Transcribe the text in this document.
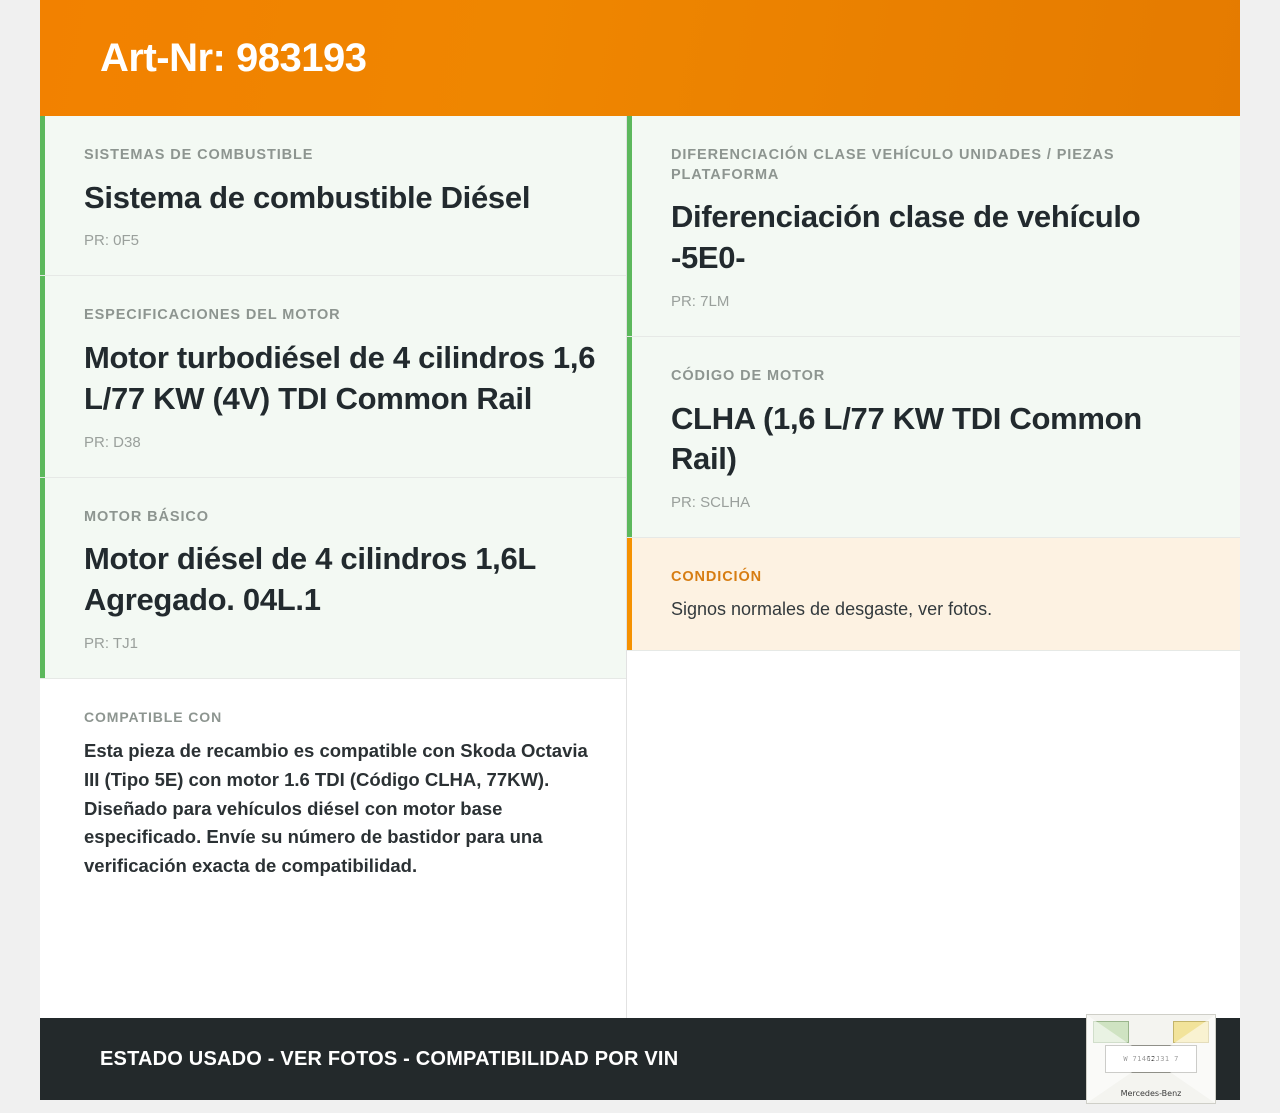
Art-Nr: 983193
SISTEMAS DE COMBUSTIBLE
Sistema de combustible Diésel
PR: 0F5
ESPECIFICACIONES DEL MOTOR
Motor turbodiésel de 4 cilindros 1,6 L/77 KW (4V) TDI Common Rail
PR: D38
MOTOR BÁSICO
Motor diésel de 4 cilindros 1,6L Agregado. 04L.1
PR: TJ1
COMPATIBLE CON
Esta pieza de recambio es compatible con Skoda Octavia III (Tipo 5E) con motor 1.6 TDI (Código CLHA, 77KW). Diseñado para vehículos diésel con motor base especificado. Envíe su número de bastidor para una verificación exacta de compatibilidad.
DIFERENCIACIÓN CLASE VEHÍCULO UNIDADES / PIEZAS PLATAFORMA
Diferenciación clase de vehículo -5E0-
PR: 7LM
CÓDIGO DE MOTOR
CLHA (1,6 L/77 KW TDI Common Rail)
PR: SCLHA
CONDICIÓN
Signos normales de desgaste, ver fotos.
ESTADO USADO - VER FOTOS - COMPATIBILIDAD POR VIN	W 71462J31 7
Mercedes-Benz
